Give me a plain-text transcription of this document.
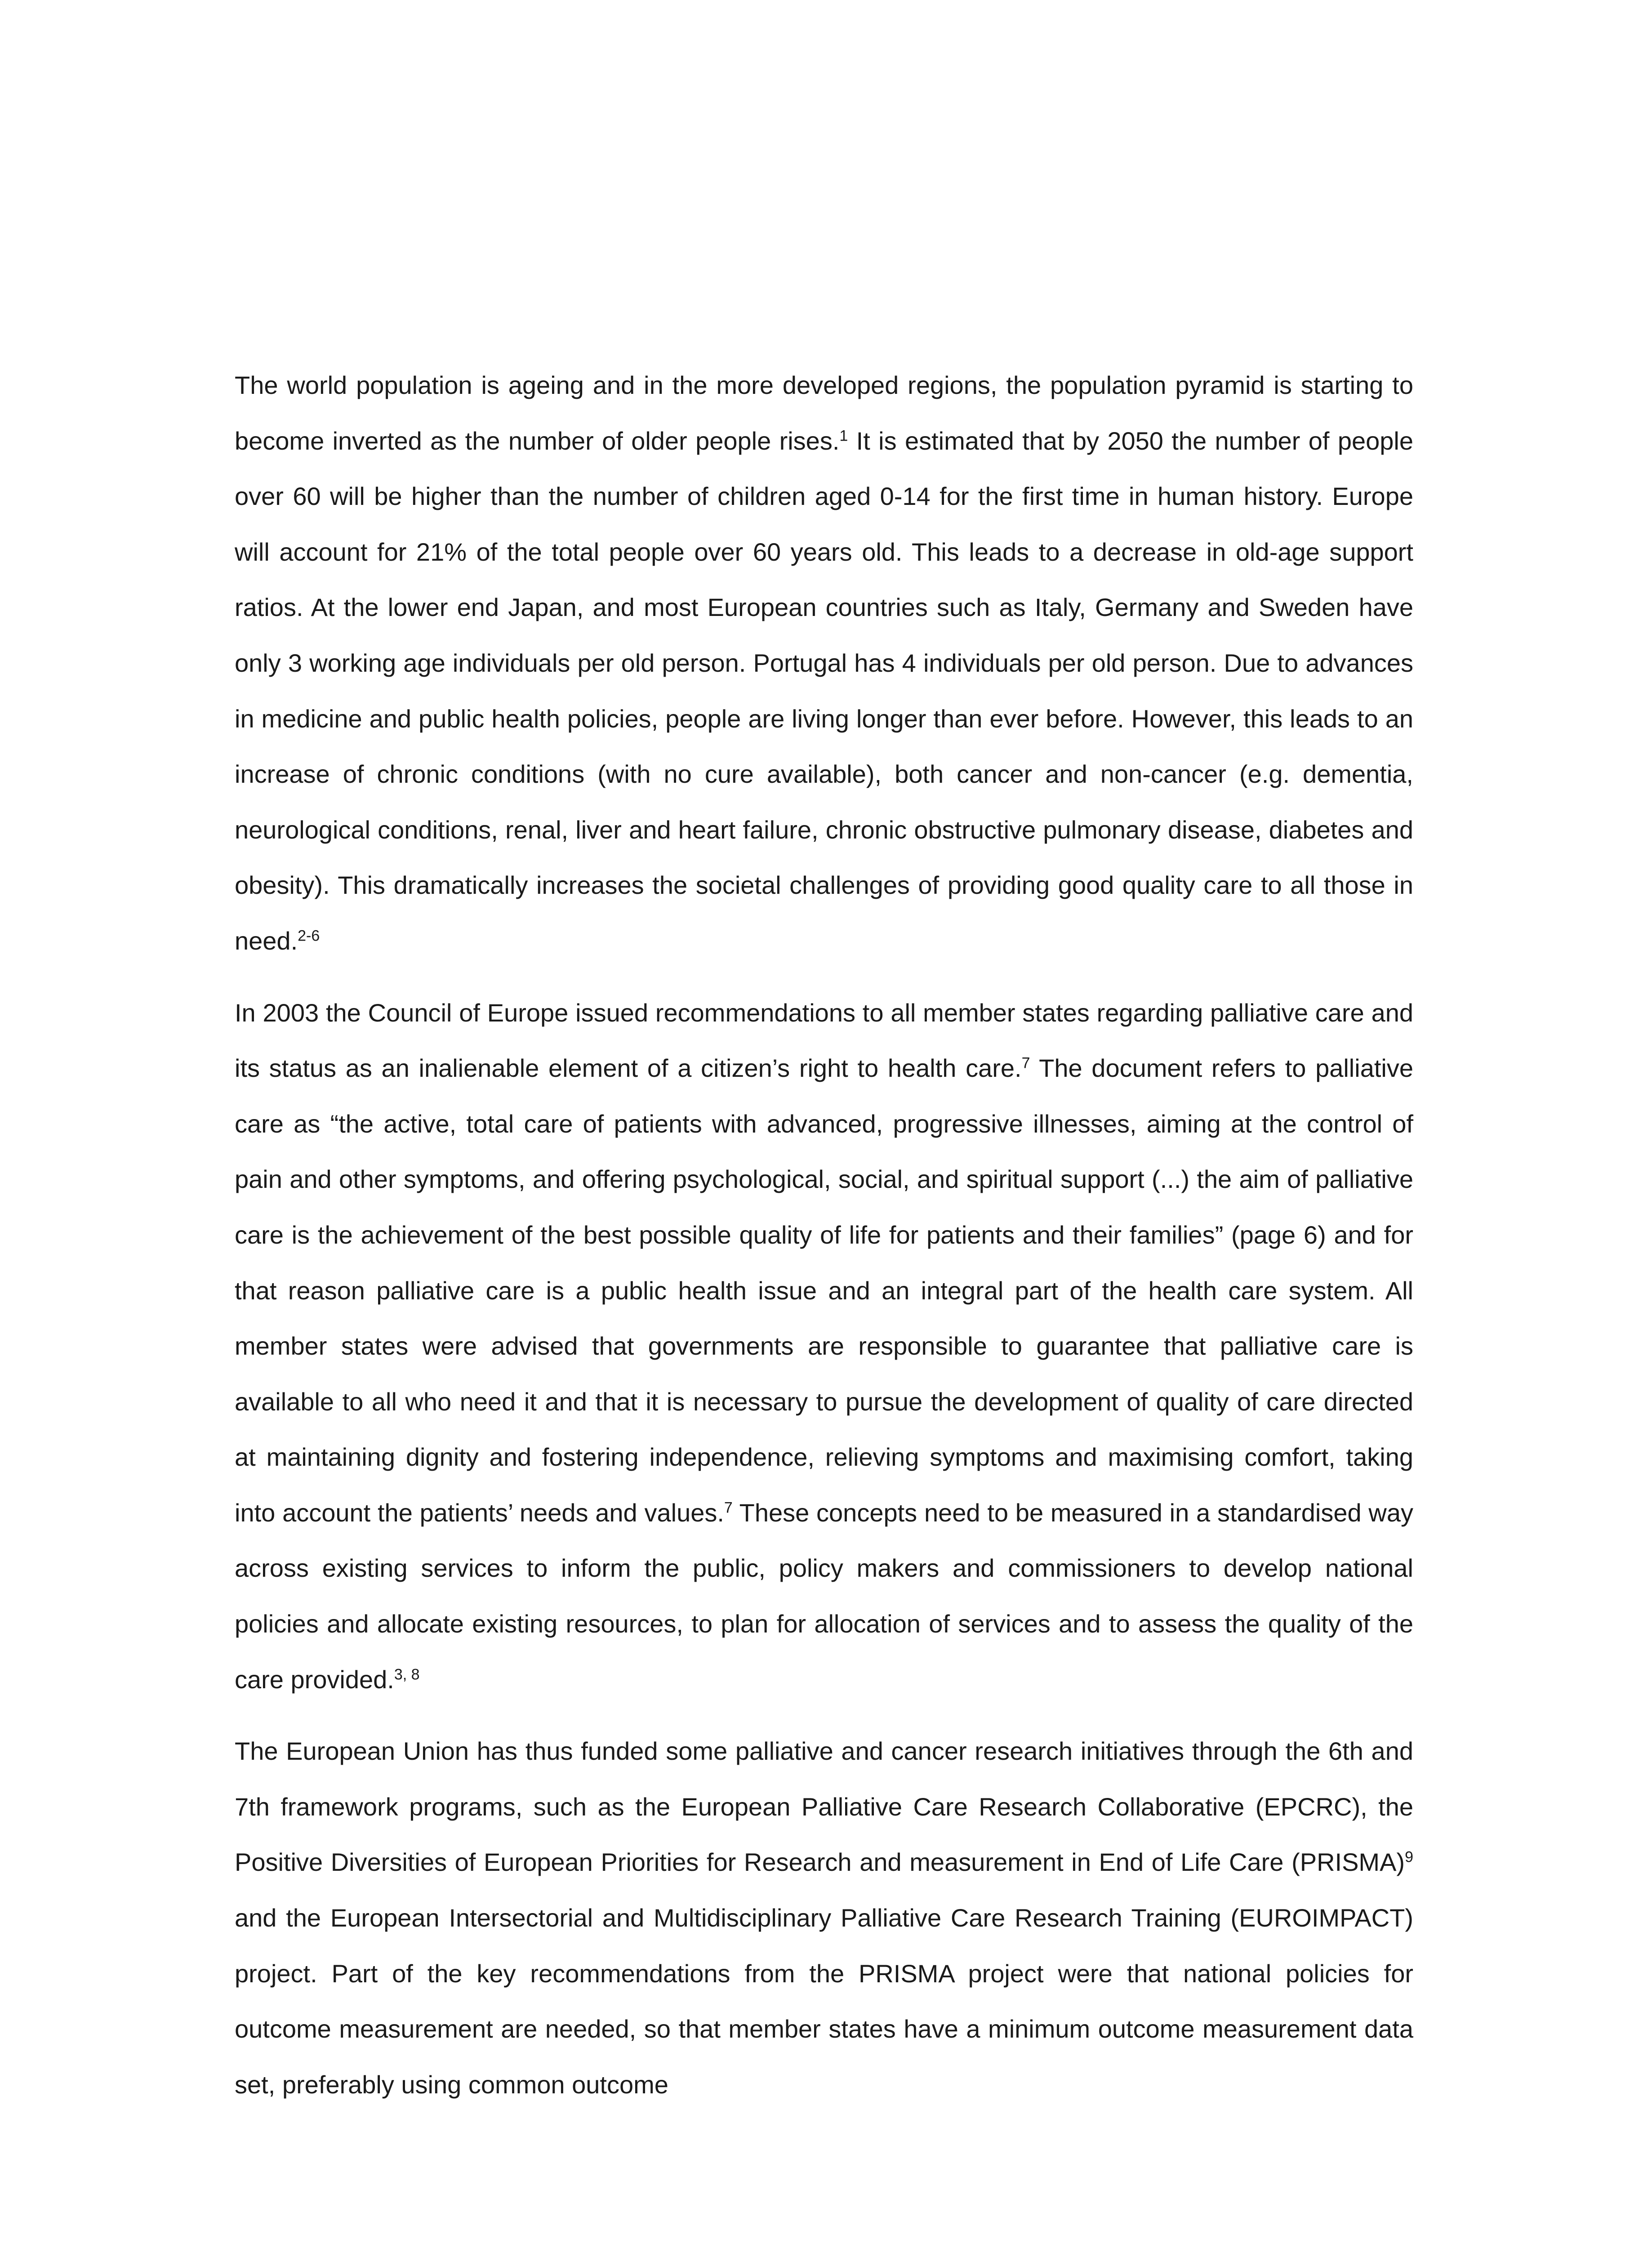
The world population is ageing and in the more developed regions, the population pyramid is starting to become inverted as the number of older people rises.$^1$ It is estimated that by 2050 the number of people over 60 will be higher than the number of children aged 0-14 for the first time in human history. Europe will account for 21% of the total people over 60 years old. This leads to a decrease in old-age support ratios. At the lower end Japan, and most European countries such as Italy, Germany and Sweden have only 3 working age individuals per old person. Portugal has 4 individuals per old person. Due to advances in medicine and public health policies, people are living longer than ever before. However, this leads to an increase of chronic conditions (with no cure available), both cancer and non-cancer (e.g. dementia, neurological conditions, renal, liver and heart failure, chronic obstructive pulmonary disease, diabetes and obesity). This dramatically increases the societal challenges of providing good quality care to all those in need.$^{2-6}$

In 2003 the Council of Europe issued recommendations to all member states regarding palliative care and its status as an inalienable element of a citizen’s right to health care.$^7$ The document refers to palliative care as “the active, total care of patients with advanced, progressive illnesses, aiming at the control of pain and other symptoms, and offering psychological, social, and spiritual support (...) the aim of palliative care is the achievement of the best possible quality of life for patients and their families” (page 6) and for that reason palliative care is a public health issue and an integral part of the health care system. All member states were advised that governments are responsible to guarantee that palliative care is available to all who need it and that it is necessary to pursue the development of quality of care directed at maintaining dignity and fostering independence, relieving symptoms and maximising comfort, taking into account the patients’ needs and values.$^7$ These concepts need to be measured in a standardised way across existing services to inform the public, policy makers and commissioners to develop national policies and allocate existing resources, to plan for allocation of services and to assess the quality of the care provided.$^{3, 8}$

The European Union has thus funded some palliative and cancer research initiatives through the 6th and 7th framework programs, such as the European Palliative Care Research Collaborative (EPCRC), the Positive Diversities of European Priorities for Research and measurement in End of Life Care (PRISMA)$^9$ and the European Intersectorial and Multidisciplinary Palliative Care Research Training (EUROIMPACT) project. Part of the key recommendations from the PRISMA project were that national policies for outcome measurement are needed, so that member states have a minimum outcome measurement data set, preferably using common outcome
